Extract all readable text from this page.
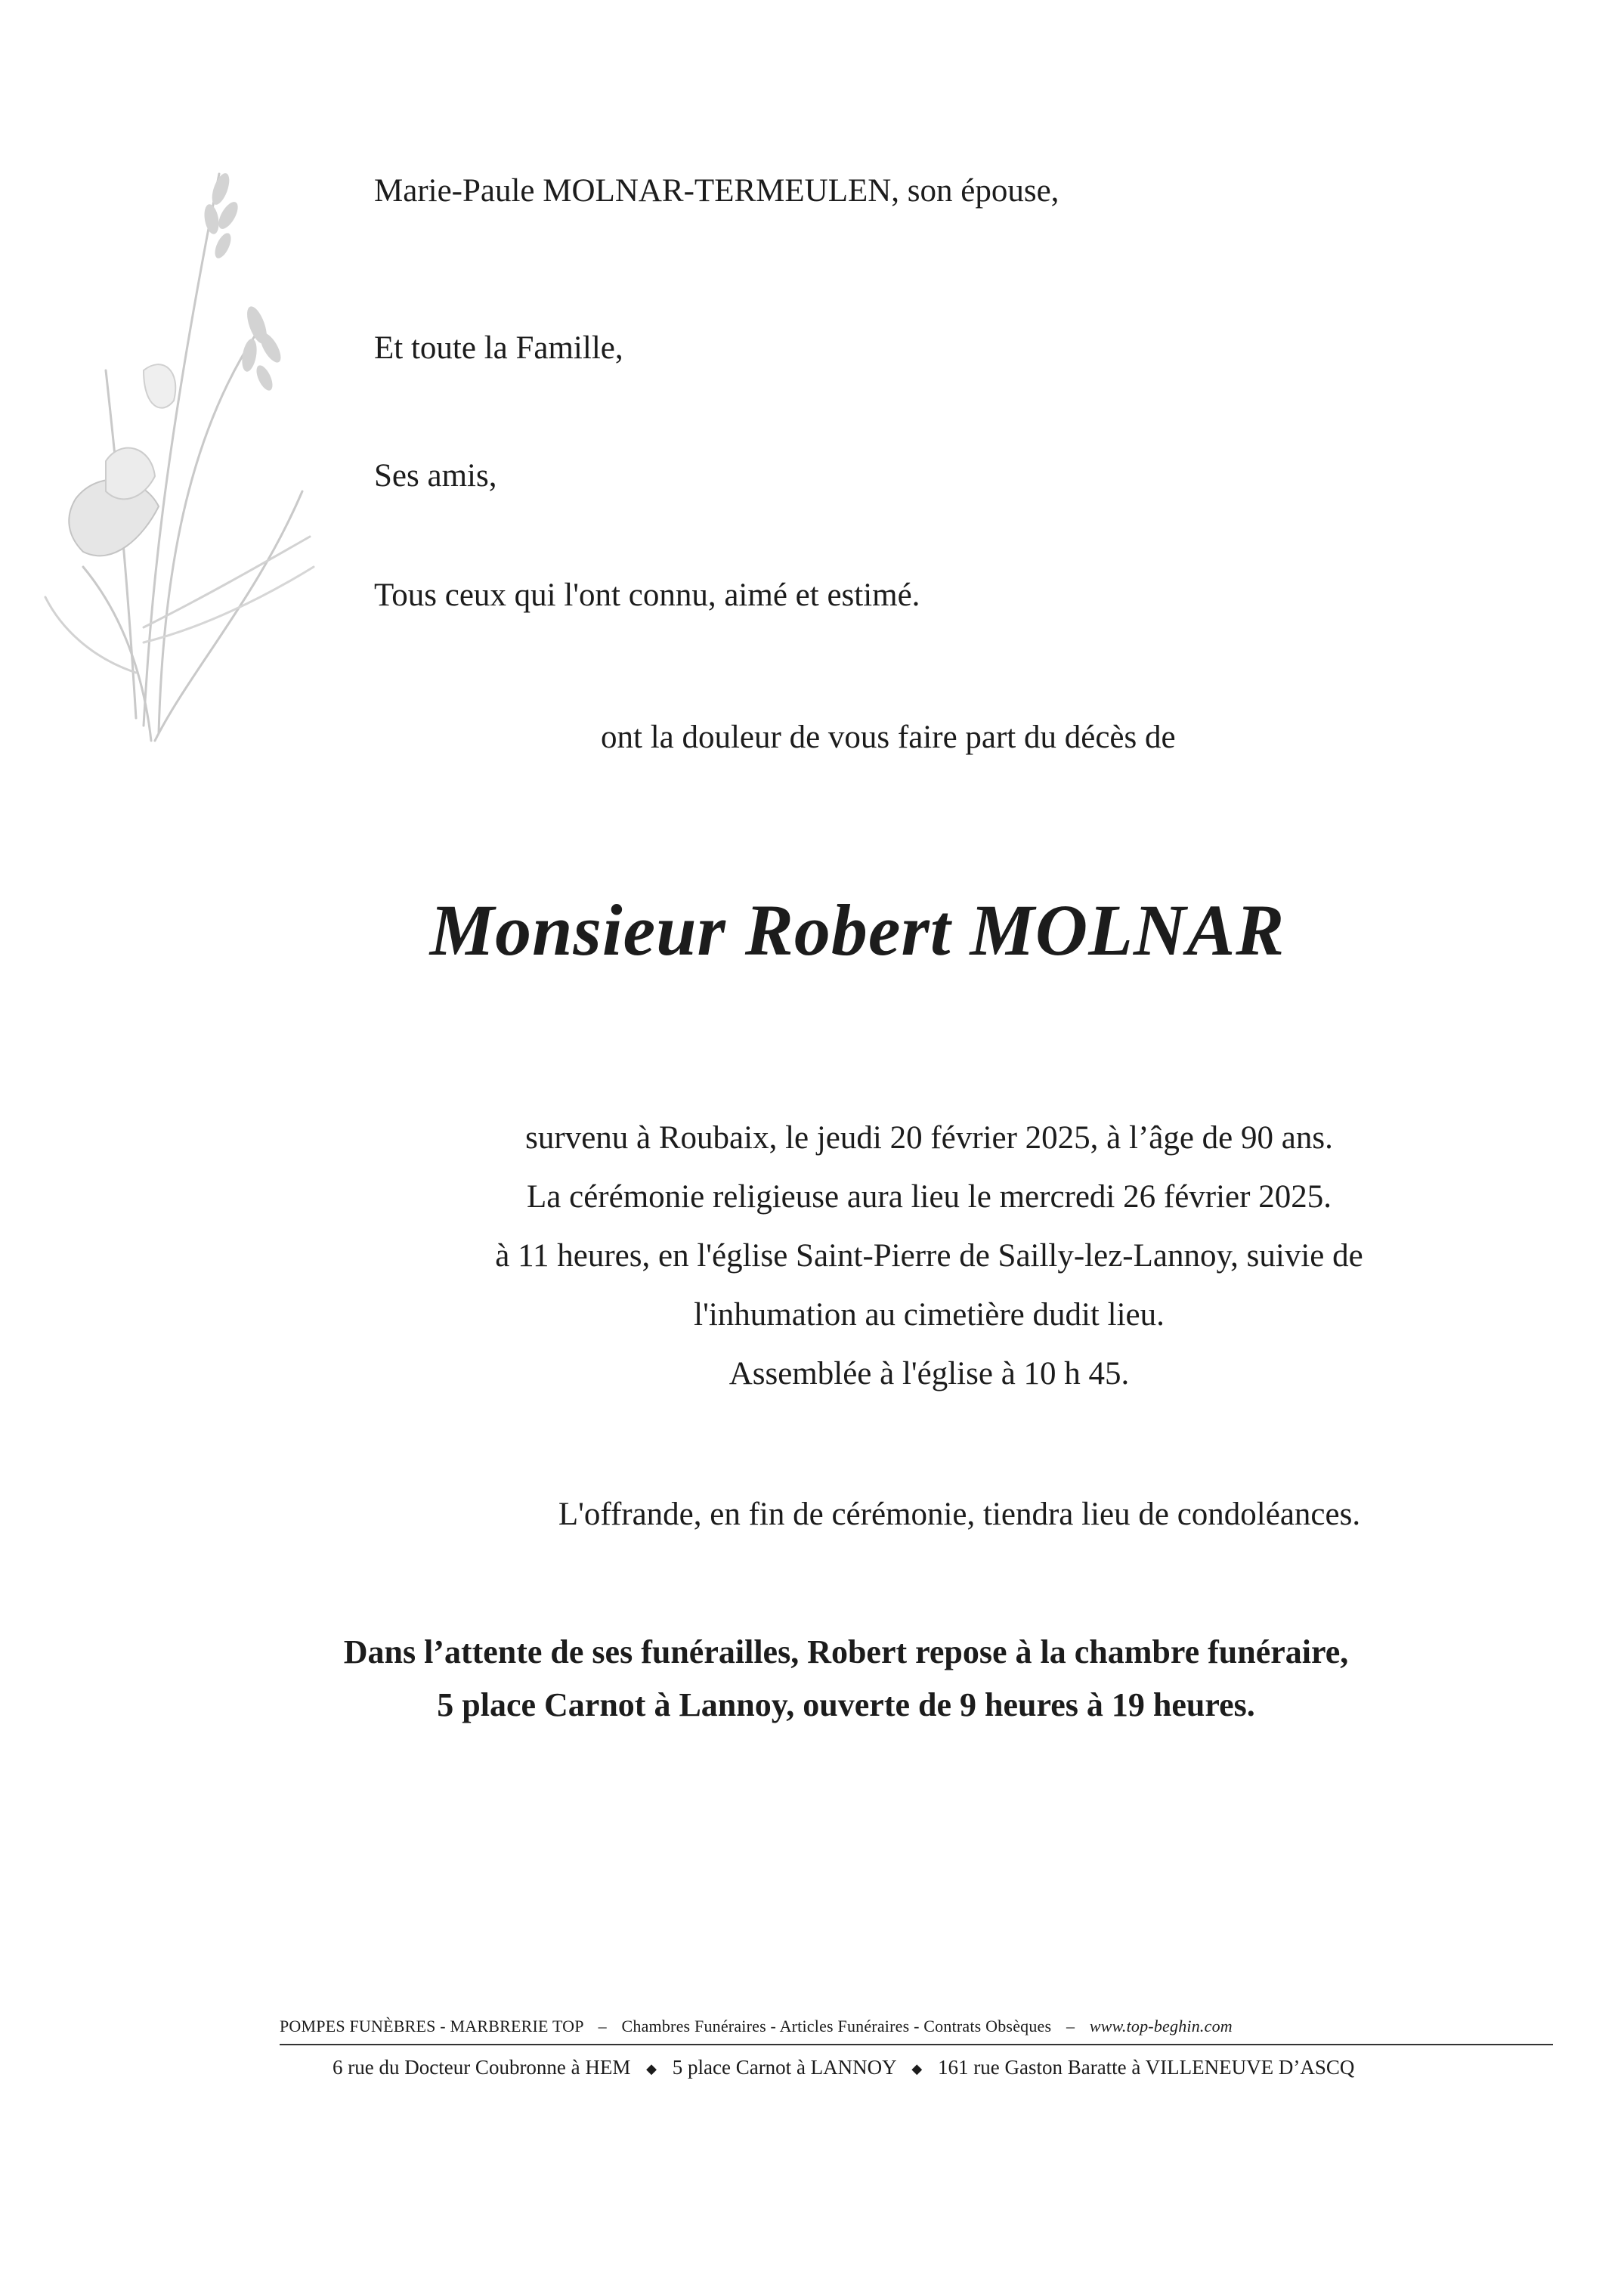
Marie-Paule MOLNAR-TERMEULEN, son épouse,

Et toute la Famille,

Ses amis,

Tous ceux qui l'ont connu, aimé et estimé.

ont la douleur de vous faire part du décès de

Monsieur Robert MOLNAR

survenu à Roubaix, le jeudi 20 février 2025, à l’âge de 90 ans.

La cérémonie religieuse aura lieu le mercredi 26 février 2025.

à 11 heures, en l'église Saint-Pierre de Sailly-lez-Lannoy, suivie de

l'inhumation au cimetière dudit lieu.

Assemblée à l'église à 10 h 45.

L'offrande, en fin de cérémonie, tiendra lieu de condoléances.

Dans l’attente de ses funérailles, Robert repose à la chambre funéraire,

5 place Carnot à Lannoy, ouverte de 9 heures à 19 heures.

POMPES FUNÈBRES - MARBRERIE TOP – Chambres Funéraires - Articles Funéraires - Contrats Obsèques – www.top-beghin.com
6 rue du Docteur Coubronne à HEM ◆ 5 place Carnot à LANNOY ◆ 161 rue Gaston Baratte à VILLENEUVE D’ASCQ
